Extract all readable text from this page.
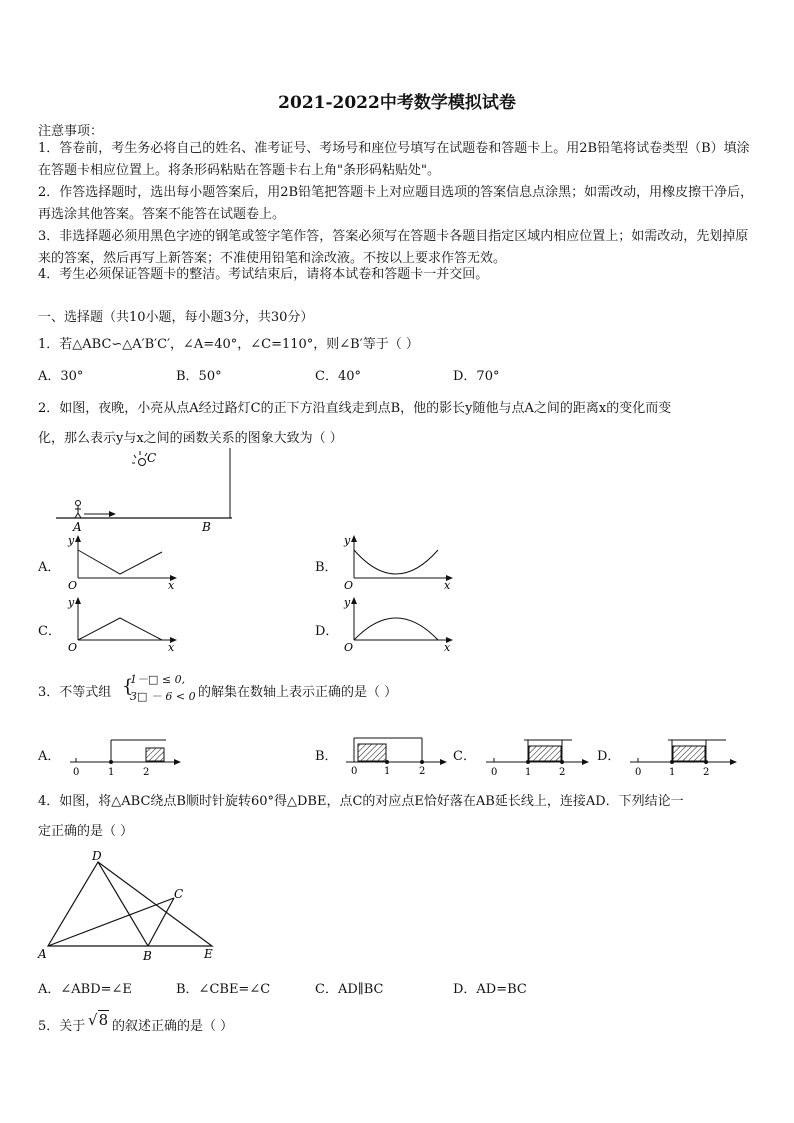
2021-2022中考数学模拟试卷
注意事项：
1．答卷前，考生务必将自己的姓名、准考证号、考场号和座位号填写在试题卷和答题卡上。用2B铅笔将试卷类型（B）填涂在答题卡相应位置上。将条形码粘贴在答题卡右上角"条形码粘贴处"。
2．作答选择题时，选出每小题答案后，用2B铅笔把答题卡上对应题目选项的答案信息点涂黑；如需改动，用橡皮擦干净后，再选涂其他答案。答案不能答在试题卷上。
3．非选择题必须用黑色字迹的钢笔或签字笔作答，答案必须写在答题卡各题目指定区域内相应位置上；如需改动，先划掉原来的答案，然后再写上新答案；不准使用铅笔和涂改液。不按以上要求作答无效。
4．考生必须保证答题卡的整洁。考试结束后，请将本试卷和答题卡一并交回。
一、选择题（共10小题，每小题3分，共30分）
1．若△ABC∽△A′B′C′，∠A=40°，∠C=110°，则∠B′等于（ ）
A．30°	B．50°	C．40°	D．70°
2．如图，夜晚，小亮从点A经过路灯C的正下方沿直线走到点B，他的影长y随他与点A之间的距离x的变化而变
化，那么表示y与x之间的函数关系的图象大致为（ ）
C
A	B
A．
y
O	x
B．
y
O	x
C．
y
O	x
D．
y
O	x
3．不等式组 {
1－□ ≤ 0,
3□ － 6 < 0 的解集在数轴上表示正确的是（ ）
A．
0	1	2
B．
0	1	2
C．
0	1	2
D．
0	1	2
4．如图，将△ABC绕点B顺时针旋转60°得△DBE，点C的对应点E恰好落在AB延长线上，连接AD．下列结论一
定正确的是（ ）
D
C
A	B	E
A．∠ABD=∠E	B．∠CBE=∠C	C．AD∥BC	D．AD=BC
5．关于 √8 的叙述正确的是（ ）
